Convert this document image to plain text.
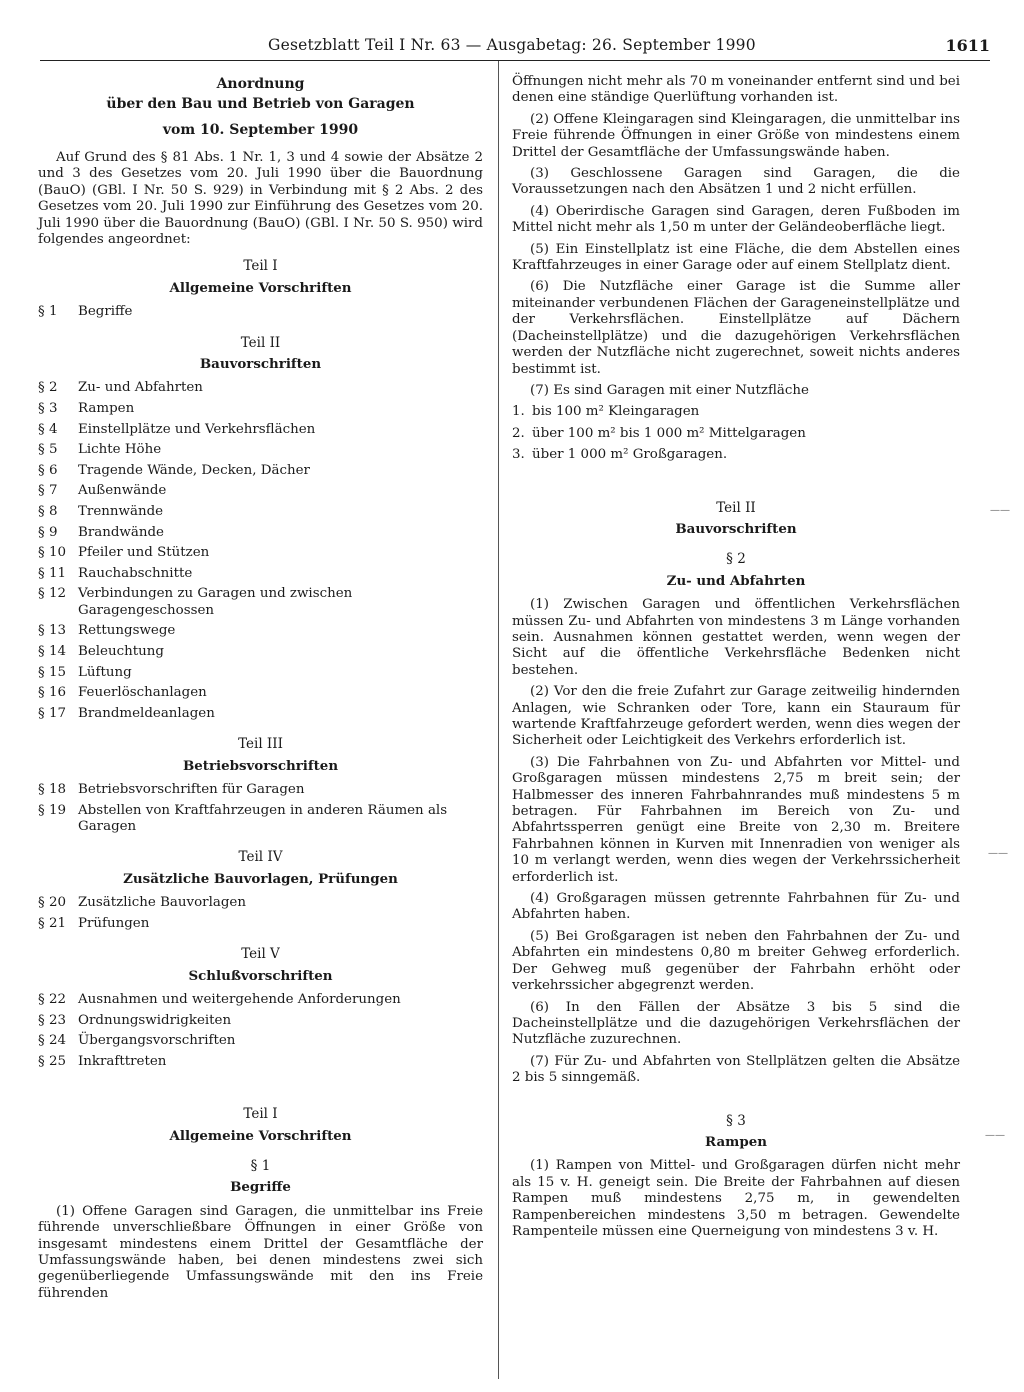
Gesetzblatt Teil I Nr. 63 — Ausgabetag: 26. September 1990	1611
Anordnung
über den Bau und Betrieb von Garagen
vom 10. September 1990

Auf Grund des § 81 Abs. 1 Nr. 1, 3 und 4 sowie der Absätze 2 und 3 des Gesetzes vom 20. Juli 1990 über die Bauordnung (BauO) (GBl. I Nr. 50 S. 929) in Verbindung mit § 2 Abs. 2 des Gesetzes vom 20. Juli 1990 zur Einführung des Gesetzes vom 20. Juli 1990 über die Bauordnung (BauO) (GBl. I Nr. 50 S. 950) wird folgendes angeordnet:

Teil I
Allgemeine Vorschriften
§ 1	Begriffe
Teil II
Bauvorschriften
§ 2	Zu- und Abfahrten
§ 3	Rampen
§ 4	Einstellplätze und Verkehrsflächen
§ 5	Lichte Höhe
§ 6	Tragende Wände, Decken, Dächer
§ 7	Außenwände
§ 8	Trennwände
§ 9	Brandwände
§ 10	Pfeiler und Stützen
§ 11	Rauchabschnitte
§ 12	Verbindungen zu Garagen und zwischen Garagengeschossen
§ 13	Rettungswege
§ 14	Beleuchtung
§ 15	Lüftung
§ 16	Feuerlöschanlagen
§ 17	Brandmeldeanlagen
Teil III
Betriebsvorschriften
§ 18	Betriebsvorschriften für Garagen
§ 19	Abstellen von Kraftfahrzeugen in anderen Räumen als Garagen
Teil IV
Zusätzliche Bauvorlagen, Prüfungen
§ 20	Zusätzliche Bauvorlagen
§ 21	Prüfungen
Teil V
Schlußvorschriften
§ 22	Ausnahmen und weitergehende Anforderungen
§ 23	Ordnungswidrigkeiten
§ 24	Übergangsvorschriften
§ 25	Inkrafttreten
Teil I
Allgemeine Vorschriften
§ 1
Begriffe

(1) Offene Garagen sind Garagen, die unmittelbar ins Freie führende unverschließbare Öffnungen in einer Größe von insgesamt mindestens einem Drittel der Gesamtfläche der Umfassungswände haben, bei denen mindestens zwei sich gegenüberliegende Umfassungswände mit den ins Freie führenden

Öffnungen nicht mehr als 70 m voneinander entfernt sind und bei denen eine ständige Querlüftung vorhanden ist.

(2) Offene Kleingaragen sind Kleingaragen, die unmittelbar ins Freie führende Öffnungen in einer Größe von mindestens einem Drittel der Gesamtfläche der Umfassungswände haben.

(3) Geschlossene Garagen sind Garagen, die die Voraussetzungen nach den Absätzen 1 und 2 nicht erfüllen.

(4) Oberirdische Garagen sind Garagen, deren Fußboden im Mittel nicht mehr als 1,50 m unter der Geländeoberfläche liegt.

(5) Ein Einstellplatz ist eine Fläche, die dem Abstellen eines Kraftfahrzeuges in einer Garage oder auf einem Stellplatz dient.

(6) Die Nutzfläche einer Garage ist die Summe aller miteinander verbundenen Flächen der Garageneinstellplätze und der Verkehrsflächen. Einstellplätze auf Dächern (Dacheinstellplätze) und die dazugehörigen Verkehrsflächen werden der Nutzfläche nicht zugerechnet, soweit nichts anderes bestimmt ist.

(7) Es sind Garagen mit einer Nutzfläche

1.	bis 100 m² Kleingaragen
2.	über 100 m² bis 1 000 m² Mittelgaragen
3.	über 1 000 m² Großgaragen.
Teil II
Bauvorschriften
§ 2
Zu- und Abfahrten

(1) Zwischen Garagen und öffentlichen Verkehrsflächen müssen Zu- und Abfahrten von mindestens 3 m Länge vorhanden sein. Ausnahmen können gestattet werden, wenn wegen der Sicht auf die öffentliche Verkehrsfläche Bedenken nicht bestehen.

(2) Vor den die freie Zufahrt zur Garage zeitweilig hindernden Anlagen, wie Schranken oder Tore, kann ein Stauraum für wartende Kraftfahrzeuge gefordert werden, wenn dies wegen der Sicherheit oder Leichtigkeit des Verkehrs erforderlich ist.

(3) Die Fahrbahnen von Zu- und Abfahrten vor Mittel- und Großgaragen müssen mindestens 2,75 m breit sein; der Halbmesser des inneren Fahrbahnrandes muß mindestens 5 m betragen. Für Fahrbahnen im Bereich von Zu- und Abfahrtssperren genügt eine Breite von 2,30 m. Breitere Fahrbahnen können in Kurven mit Innenradien von weniger als 10 m verlangt werden, wenn dies wegen der Verkehrssicherheit erforderlich ist.

(4) Großgaragen müssen getrennte Fahrbahnen für Zu- und Abfahrten haben.

(5) Bei Großgaragen ist neben den Fahrbahnen der Zu- und Abfahrten ein mindestens 0,80 m breiter Gehweg erforderlich. Der Gehweg muß gegenüber der Fahrbahn erhöht oder verkehrssicher abgegrenzt werden.

(6) In den Fällen der Absätze 3 bis 5 sind die Dacheinstellplätze und die dazugehörigen Verkehrsflächen der Nutzfläche zuzurechnen.

(7) Für Zu- und Abfahrten von Stellplätzen gelten die Absätze 2 bis 5 sinngemäß.

§ 3
Rampen

(1) Rampen von Mittel- und Großgaragen dürfen nicht mehr als 15 v. H. geneigt sein. Die Breite der Fahrbahnen auf diesen Rampen muß mindestens 2,75 m, in gewendelten Rampenbereichen mindestens 3,50 m betragen. Gewendelte Rampenteile müssen eine Querneigung von mindestens 3 v. H.

——
——
——
